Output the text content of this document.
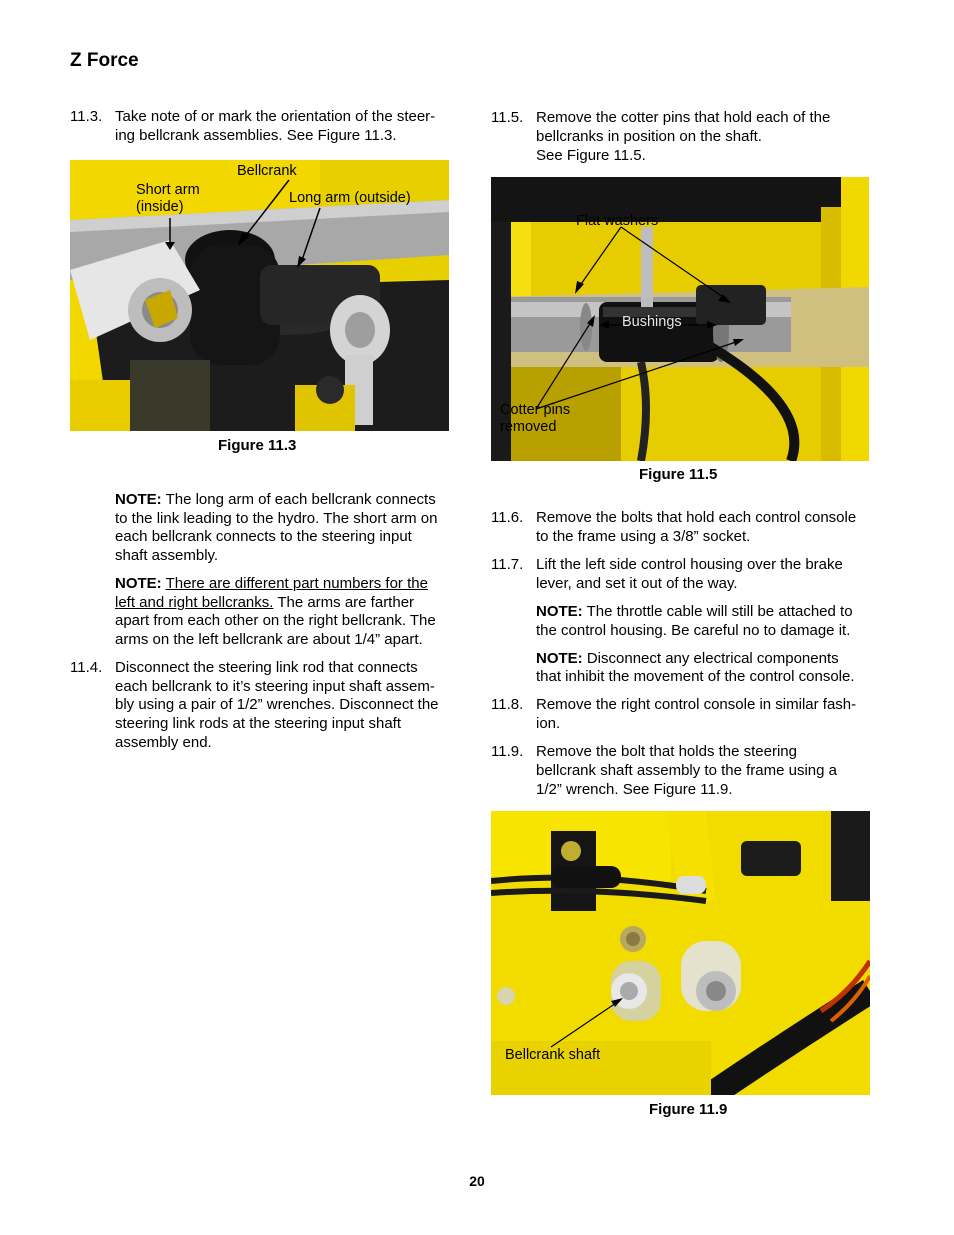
Z Force
11.3. Take note of or mark the orientation of the steer-
ing bellcrank assemblies. See Figure 11.3.
Bellcrank
Short arm
(inside)
Long arm (outside)
Figure 11.3
NOTE: The long arm of each bellcrank connects
to the link leading to the hydro. The short arm on
each bellcrank connects to the steering input
shaft assembly.
NOTE: There are different part numbers for the
left and right bellcranks. The arms are farther
apart from each other on the right bellcrank. The
arms on the left bellcrank are about 1/4” apart.
11.4. Disconnect the steering link rod that connects
each bellcrank to it’s steering input shaft assem-
bly using a pair of 1/2” wrenches. Disconnect the
steering link rods at the steering input shaft
assembly end.
11.5. Remove the cotter pins that hold each of the
bellcranks in position on the shaft.
See Figure 11.5.
Flat washers
Bushings
Cotter pins
removed
Figure 11.5
11.6. Remove the bolts that hold each control console
to the frame using a 3/8” socket.
11.7. Lift the left side control housing over the brake
lever, and set it out of the way.
NOTE: The throttle cable will still be attached to
the control housing. Be careful no to damage it.
NOTE: Disconnect any electrical components
that inhibit the movement of the control console.
11.8. Remove the right control console in similar fash-
ion.
11.9. Remove the bolt that holds the steering
bellcrank shaft assembly to the frame using a
1/2” wrench. See Figure 11.9.
Bellcrank shaft
Figure 11.9
20
